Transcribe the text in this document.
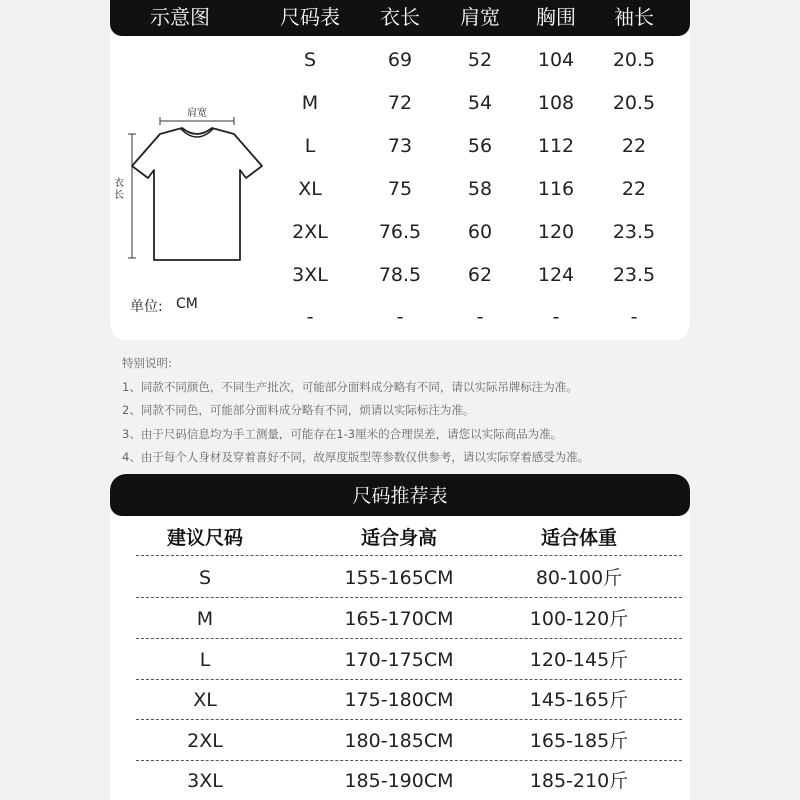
示意图	尺码表	衣长	肩宽	胸围	袖长
肩宽
衣长
单位: CM
S	69	52	104	20.5
M	72	54	108	20.5
L	73	56	112	22
XL	75	58	116	22
2XL	76.5	60	120	23.5
3XL	78.5	62	124	23.5
-	-	-	-	-
特别说明:
1、同款不同颜色，不同生产批次，可能部分面料成分略有不同，请以实际吊牌标注为准。
2、同款不同色，可能部分面料成分略有不同，烦请以实际标注为准。
3、由于尺码信息均为手工测量，可能存在1-3厘米的合理误差，请您以实际商品为准。
4、由于每个人身材及穿着喜好不同，故厚度版型等参数仅供参考，请以实际穿着感受为准。
尺码推荐表
建议尺码	适合身高	适合体重
S	155-165CM	80-100斤
M	165-170CM	100-120斤
L	170-175CM	120-145斤
XL	175-180CM	145-165斤
2XL	180-185CM	165-185斤
3XL	185-190CM	185-210斤
